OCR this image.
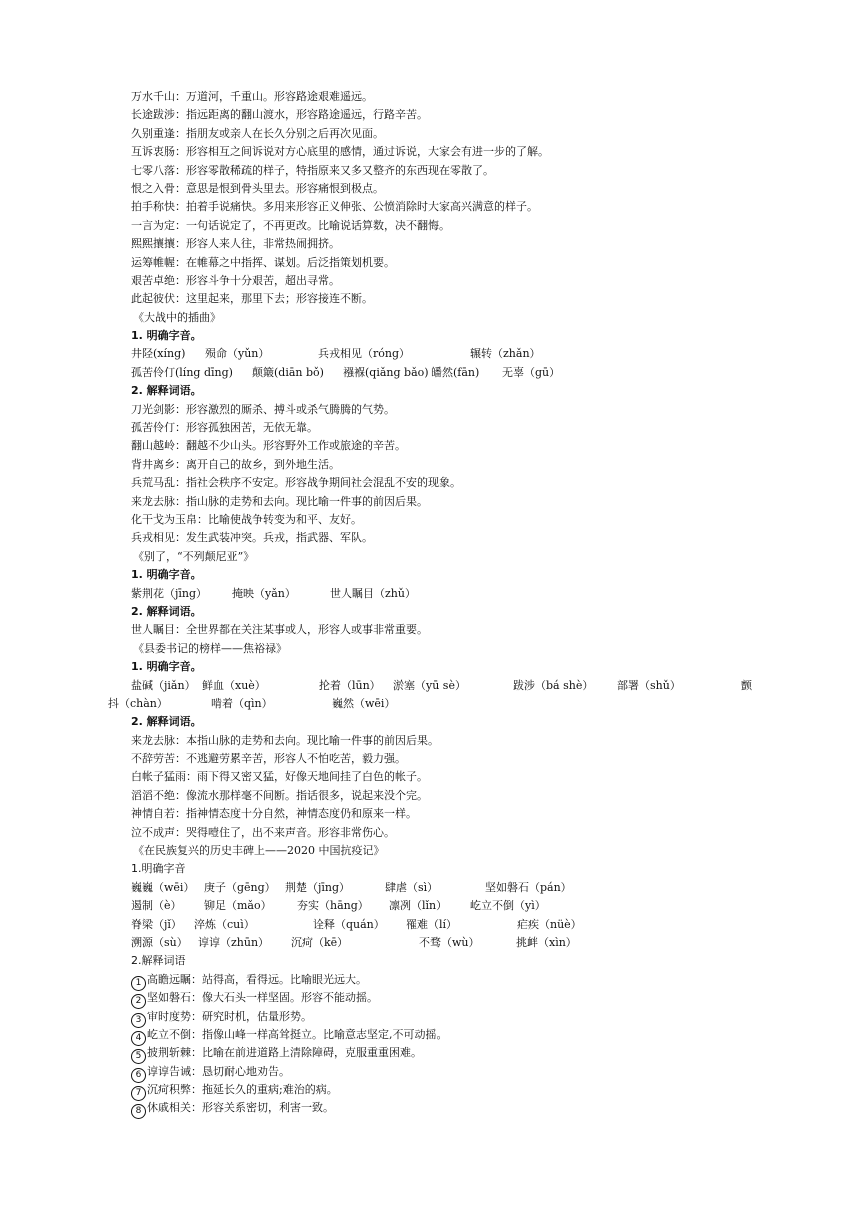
万水千山：万道河，千重山。形容路途艰难遥远。
长途跋涉：指远距离的翻山渡水，形容路途遥远，行路辛苦。
久别重逢：指朋友或亲人在长久分别之后再次见面。
互诉衷肠：形容相互之间诉说对方心底里的感情，通过诉说，大家会有进一步的了解。
七零八落：形容零散稀疏的样子，特指原来又多又整齐的东西现在零散了。
恨之入骨：意思是恨到骨头里去。形容痛恨到极点。
拍手称快：拍着手说痛快。多用来形容正义伸张、公愤消除时大家高兴满意的样子。
一言为定：一句话说定了，不再更改。比喻说话算数，决不翻悔。
熙熙攘攘：形容人来人往，非常热闹拥挤。
运筹帷幄：在帷幕之中指挥、谋划。后泛指策划机要。
艰苦卓绝：形容斗争十分艰苦，超出寻常。
此起彼伏：这里起来，那里下去；形容接连不断。
《大战中的插曲》
1. 明确字音。
井陉(xíng) 殒命（yǔn）	兵戎相见（róng）	辗转（zhǎn）
孤苦伶仃(líng dīng) 颠簸(diān bǒ) 襁褓(qiǎng bǎo) 皤然(fān) 无辜（gū）
2. 解释词语。
刀光剑影：形容激烈的厮杀、搏斗或杀气腾腾的气势。
孤苦伶仃：形容孤独困苦，无依无靠。
翻山越岭：翻越不少山头。形容野外工作或旅途的辛苦。
背井离乡：离开自己的故乡，到外地生活。
兵荒马乱：指社会秩序不安定。形容战争期间社会混乱不安的现象。
来龙去脉：指山脉的走势和去向。现比喻一件事的前因后果。
化干戈为玉帛：比喻使战争转变为和平、友好。
兵戎相见：发生武装冲突。兵戎，指武器、军队。
《别了，“不列颠尼亚”》
1. 明确字音。
紫荆花（jīng） 掩映（yǎn）	世人瞩目（zhǔ）
2. 解释词语。
世人瞩目：全世界都在关注某事或人，形容人或事非常重要。
《县委书记的榜样——焦裕禄》
1. 明确字音。
盐碱（jiǎn） 鲜血（xuè）	抡着（lūn） 淤塞（yū sè）	跋涉（bá shè） 部署（shǔ）	颤
抖（chàn）	啃着（qìn）	巍然（wēi）
2. 解释词语。
来龙去脉：本指山脉的走势和去向。现比喻一件事的前因后果。
不辞劳苦：不逃避劳累辛苦，形容人不怕吃苦，毅力强。
白帐子猛雨：雨下得又密又猛，好像天地间挂了白色的帐子。
滔滔不绝：像流水那样毫不间断。指话很多，说起来没个完。
神情自若：指神情态度十分自然，神情态度仍和原来一样。
泣不成声：哭得噎住了，出不来声音。形容非常伤心。
《在民族复兴的历史丰碑上——2020 中国抗疫记》
1.明确字音
巍巍（wēi） 庚子（gēng） 荆楚（jīng）	肆虐（sì）	坚如磐石（pán）
遏制（è） 铆足（mǎo） 夯实（hāng） 凛冽（lǐn） 屹立不倒（yì）
脊梁（jǐ） 淬炼（cuì）	诠释（quán） 罹难（lí）	疟疾（nüè）
溯源（sù） 谆谆（zhūn） 沉疴（kē）	不骛（wù）	挑衅（xìn）
2.解释词语
1 高瞻远瞩：站得高，看得远。比喻眼光远大。
2 坚如磐石：像大石头一样坚固。形容不能动摇。
3 审时度势：研究时机，估量形势。
4 屹立不倒：指像山峰一样高耸挺立。比喻意志坚定,不可动摇。
5 披荆斩棘：比喻在前进道路上清除障碍，克服重重困难。
6 谆谆告诫：恳切耐心地劝告。
7 沉疴积弊：拖延长久的重病;难治的病。
8 休戚相关：形容关系密切，利害一致。
